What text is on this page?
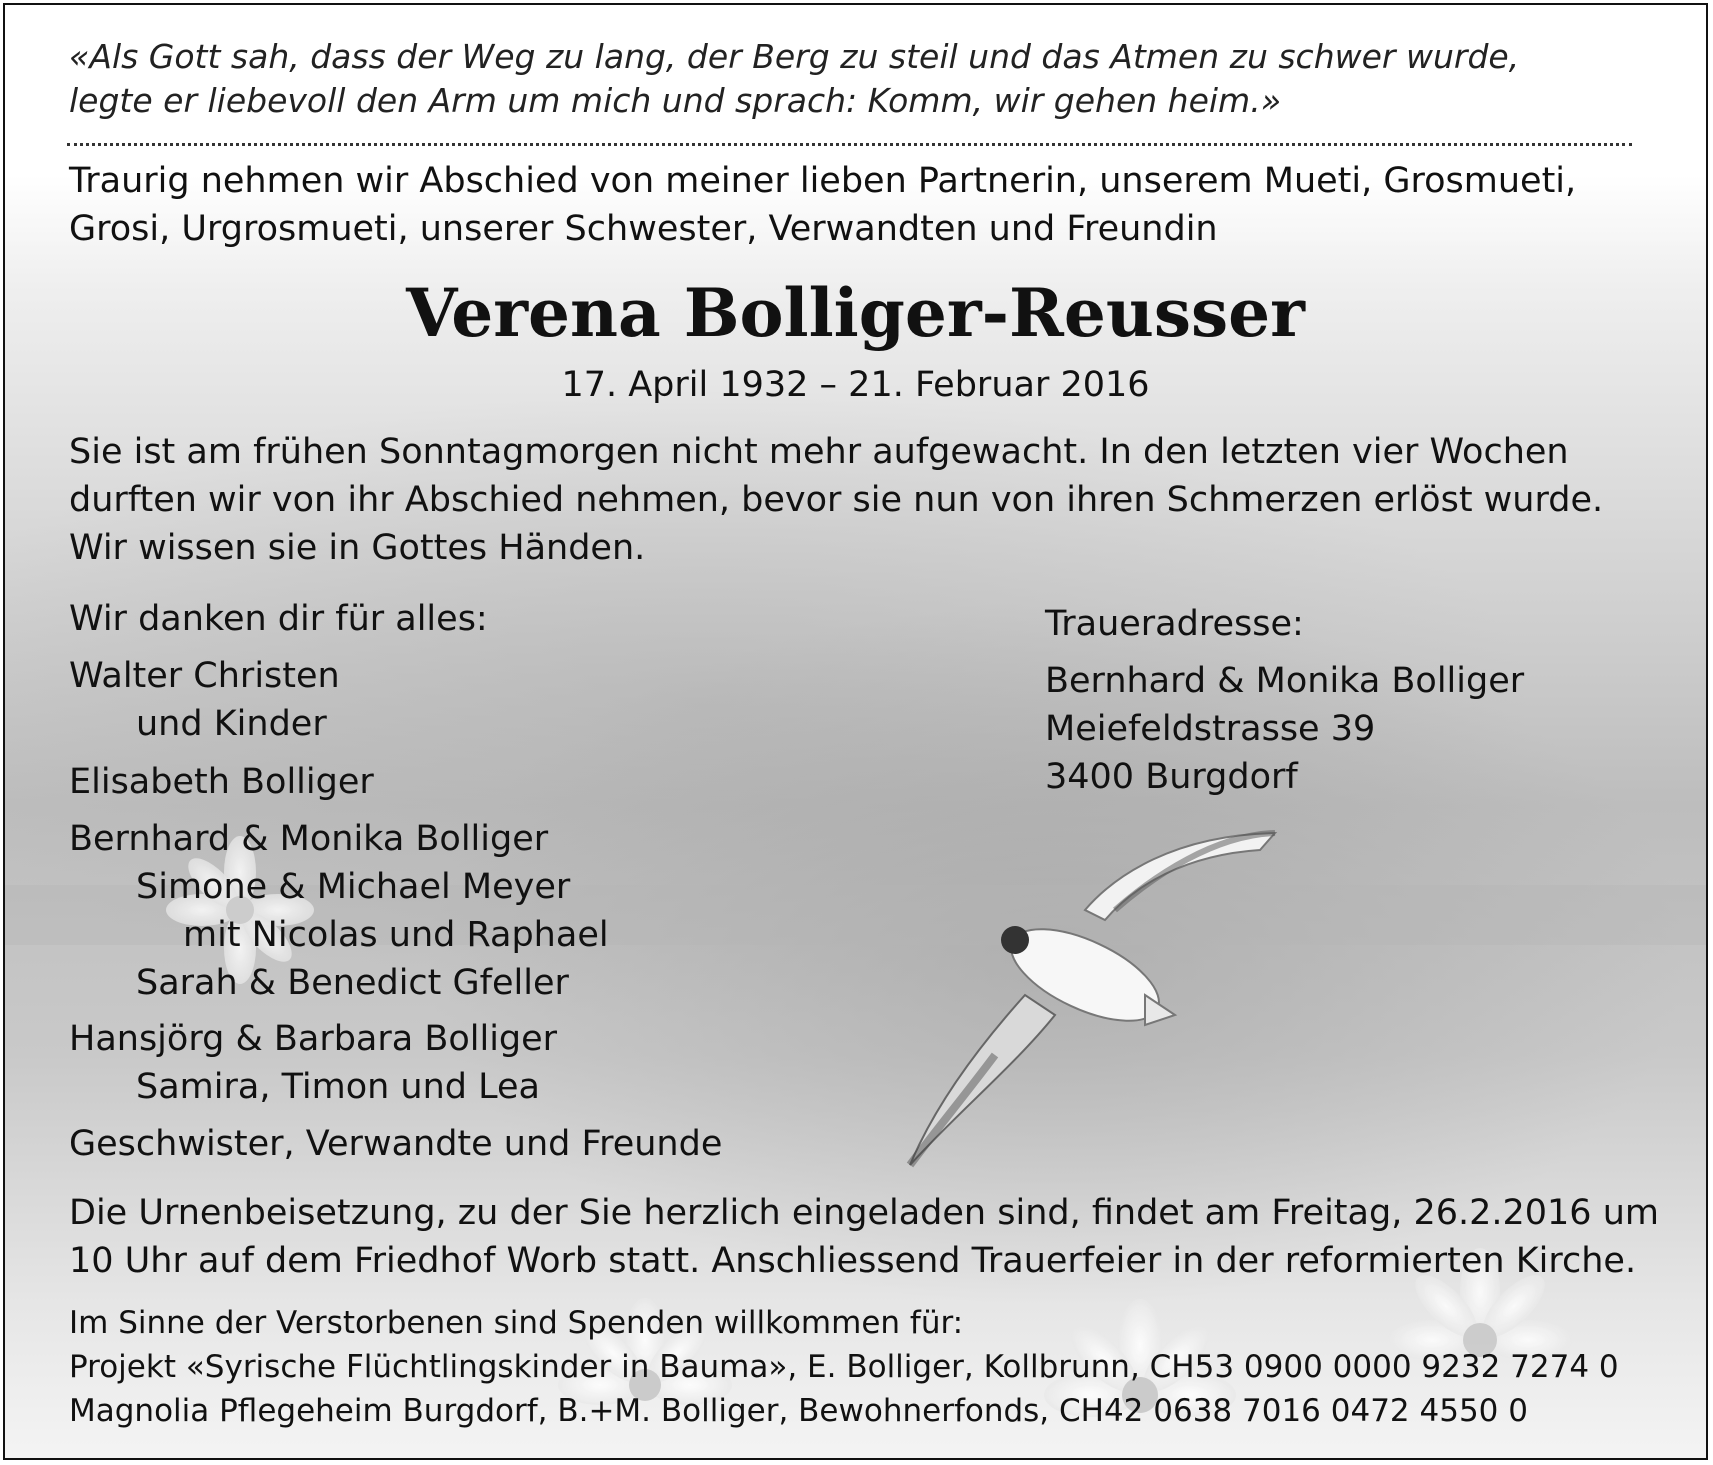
«Als Gott sah, dass der Weg zu lang, der Berg zu steil und das Atmen zu schwer wurde,
legte er liebevoll den Arm um mich und sprach: Komm, wir gehen heim.»
Traurig nehmen wir Abschied von meiner lieben Partnerin, unserem Mueti, Grosmueti,
Grosi, Urgrosmueti, unserer Schwester, Verwandten und Freundin
Verena Bolliger-Reusser
17. April 1932 – 21. Februar 2016
Sie ist am frühen Sonntagmorgen nicht mehr aufgewacht. In den letzten vier Wochen
durften wir von ihr Abschied nehmen, bevor sie nun von ihren Schmerzen erlöst wurde.
Wir wissen sie in Gottes Händen.
Wir danken dir für alles:
Walter Christen
und Kinder
Elisabeth Bolliger
Bernhard & Monika Bolliger
Simone & Michael Meyer
mit Nicolas und Raphael
Sarah & Benedict Gfeller
Hansjörg & Barbara Bolliger
Samira, Timon und Lea
Geschwister, Verwandte und Freunde
Traueradresse:
Bernhard & Monika Bolliger
Meiefeldstrasse 39
3400 Burgdorf
Die Urnenbeisetzung, zu der Sie herzlich eingeladen sind, findet am Freitag, 26.2.2016 um
10 Uhr auf dem Friedhof Worb statt. Anschliessend Trauerfeier in der reformierten Kirche.
Im Sinne der Verstorbenen sind Spenden willkommen für:
Projekt «Syrische Flüchtlingskinder in Bauma», E. Bolliger, Kollbrunn, CH53 0900 0000 9232 7274 0
Magnolia Pflegeheim Burgdorf, B.+M. Bolliger, Bewohnerfonds, CH42 0638 7016 0472 4550 0
